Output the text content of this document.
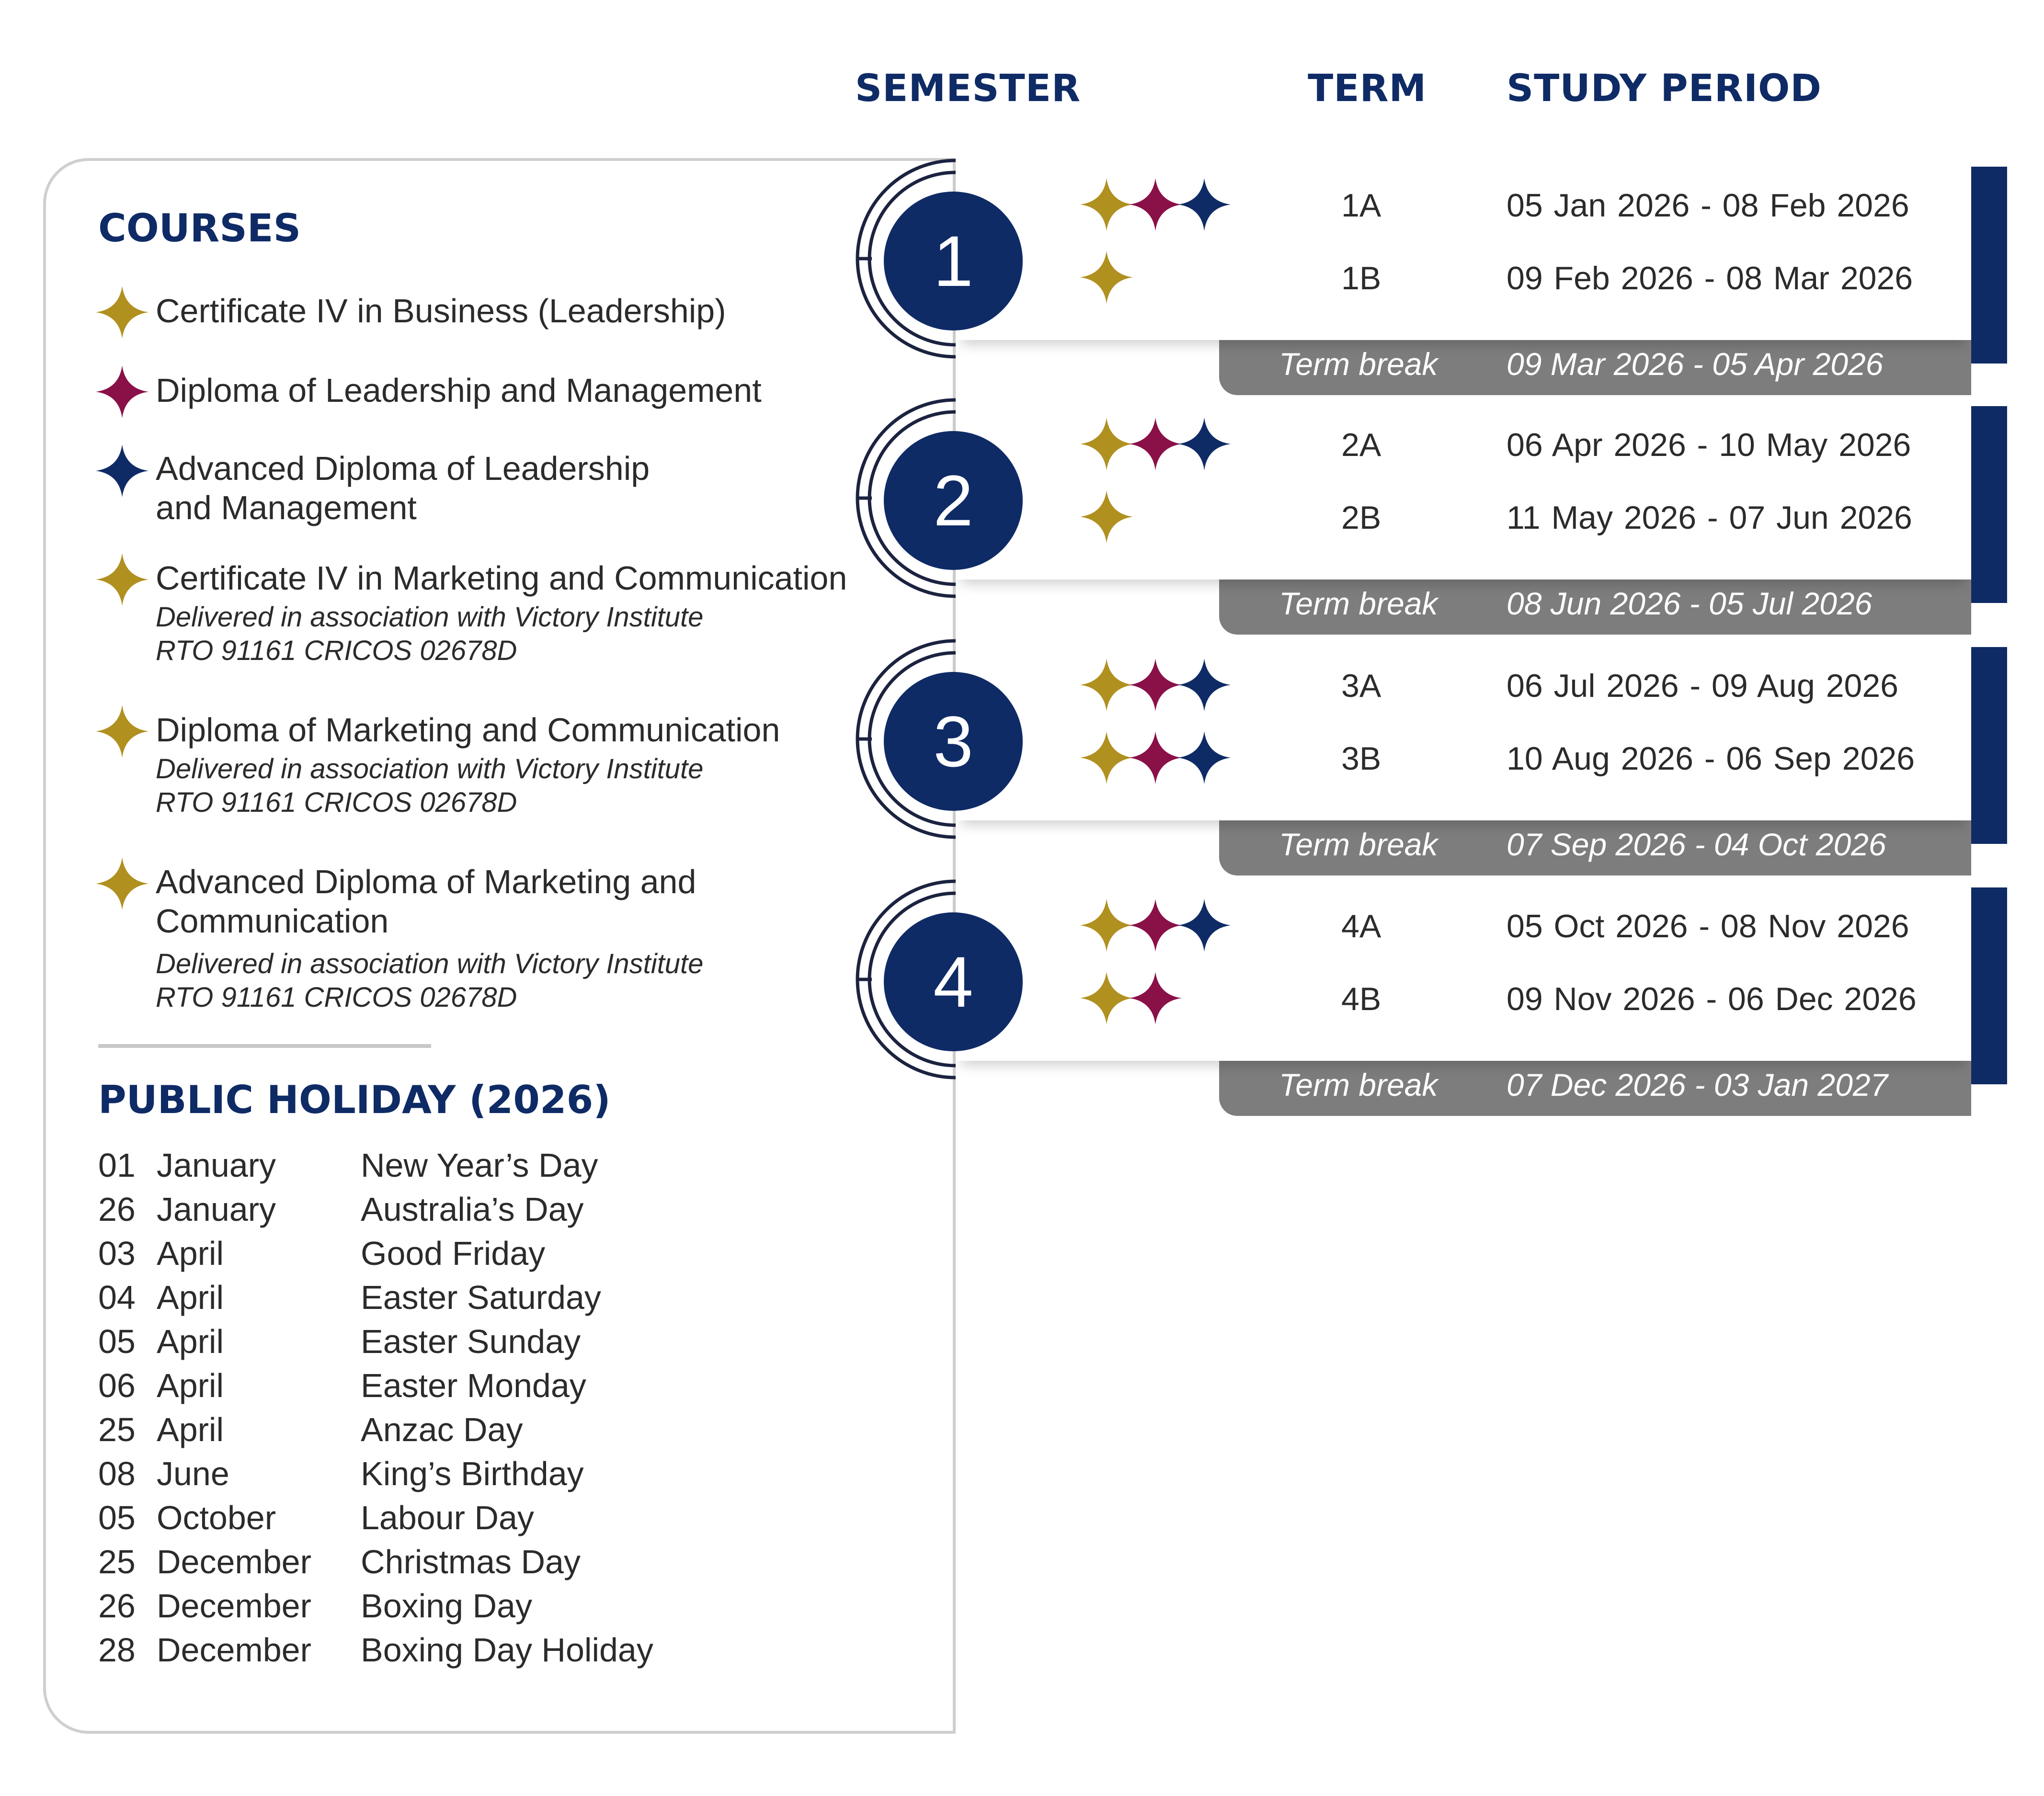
SEMESTER	TERM STUDY PERIOD
COURSES
Certificate IV in Business (Leadership)
Diploma of Leadership and Management
Advanced Diploma of Leadership
and Management
Certificate IV in Marketing and Communication
Delivered in association with Victory Institute
RTO 91161 CRICOS 02678D
Diploma of Marketing and Communication
Delivered in association with Victory Institute
RTO 91161 CRICOS 02678D
Advanced Diploma of Marketing and
Communication
Delivered in association with Victory Institute
RTO 91161 CRICOS 02678D
PUBLIC HOLIDAY (2026)
01 January	New Year’s Day
26 January	Australia’s Day
03 April	Good Friday
04 April	Easter Saturday
05 April	Easter Sunday
06 April	Easter Monday
25 April	Anzac Day
08 June	King’s Birthday
05 October	Labour Day
25 December Christmas Day
26 December Boxing Day
28 December Boxing Day Holiday
Term break 09 Mar 2026 - 05 Apr 2026
1
1A	05 Jan 2026 - 08 Feb 2026
1B	09 Feb 2026 - 08 Mar 2026
Term break 08 Jun 2026 - 05 Jul 2026
2
2A	06 Apr 2026 - 10 May 2026
2B	11 May 2026 - 07 Jun 2026
Term break 07 Sep 2026 - 04 Oct 2026
3
3A	06 Jul 2026 - 09 Aug 2026
3B	10 Aug 2026 - 06 Sep 2026
Term break 07 Dec 2026 - 03 Jan 2027
4
4A	05 Oct 2026 - 08 Nov 2026
4B	09 Nov 2026 - 06 Dec 2026
